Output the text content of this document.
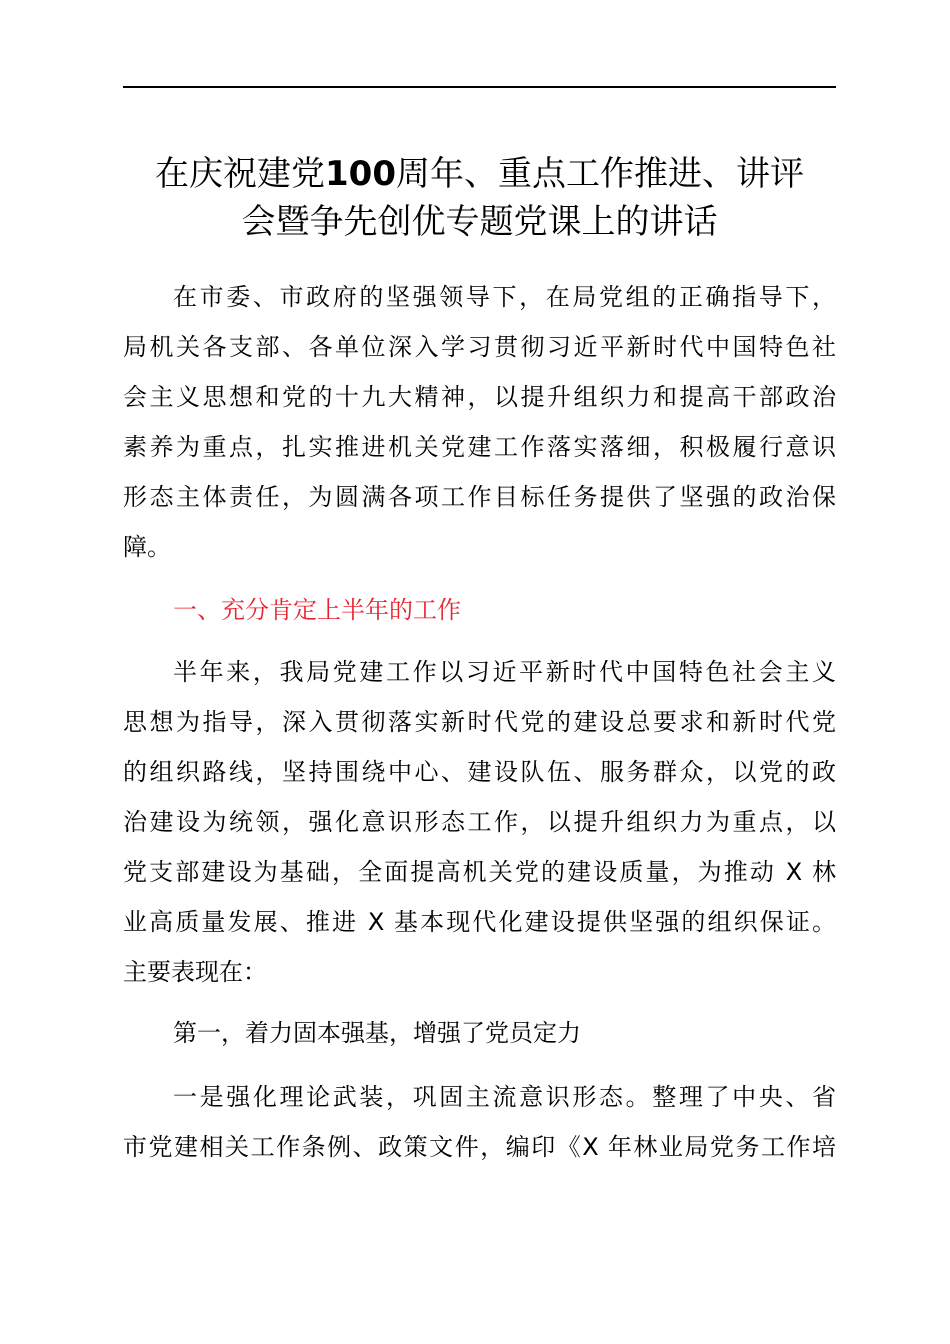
在庆祝建党100周年、重点工作推进、讲评
会暨争先创优专题党课上的讲话
在市委、市政府的坚强领导下，在局党组的正确指导下，
局机关各支部、各单位深入学习贯彻习近平新时代中国特色社
会主义思想和党的十九大精神，以提升组织力和提高干部政治
素养为重点，扎实推进机关党建工作落实落细，积极履行意识
形态主体责任，为圆满各项工作目标任务提供了坚强的政治保
障。
一、充分肯定上半年的工作
半年来，我局党建工作以习近平新时代中国特色社会主义
思想为指导，深入贯彻落实新时代党的建设总要求和新时代党
的组织路线，坚持围绕中心、建设队伍、服务群众，以党的政
治建设为统领，强化意识形态工作，以提升组织力为重点，以
党支部建设为基础，全面提高机关党的建设质量，为推动 X 林
业高质量发展、推进 X 基本现代化建设提供坚强的组织保证。
主要表现在：
第一，着力固本强基，增强了党员定力
一是强化理论武装，巩固主流意识形态。整理了中央、省
市党建相关工作条例、政策文件，编印《X 年林业局党务工作培
